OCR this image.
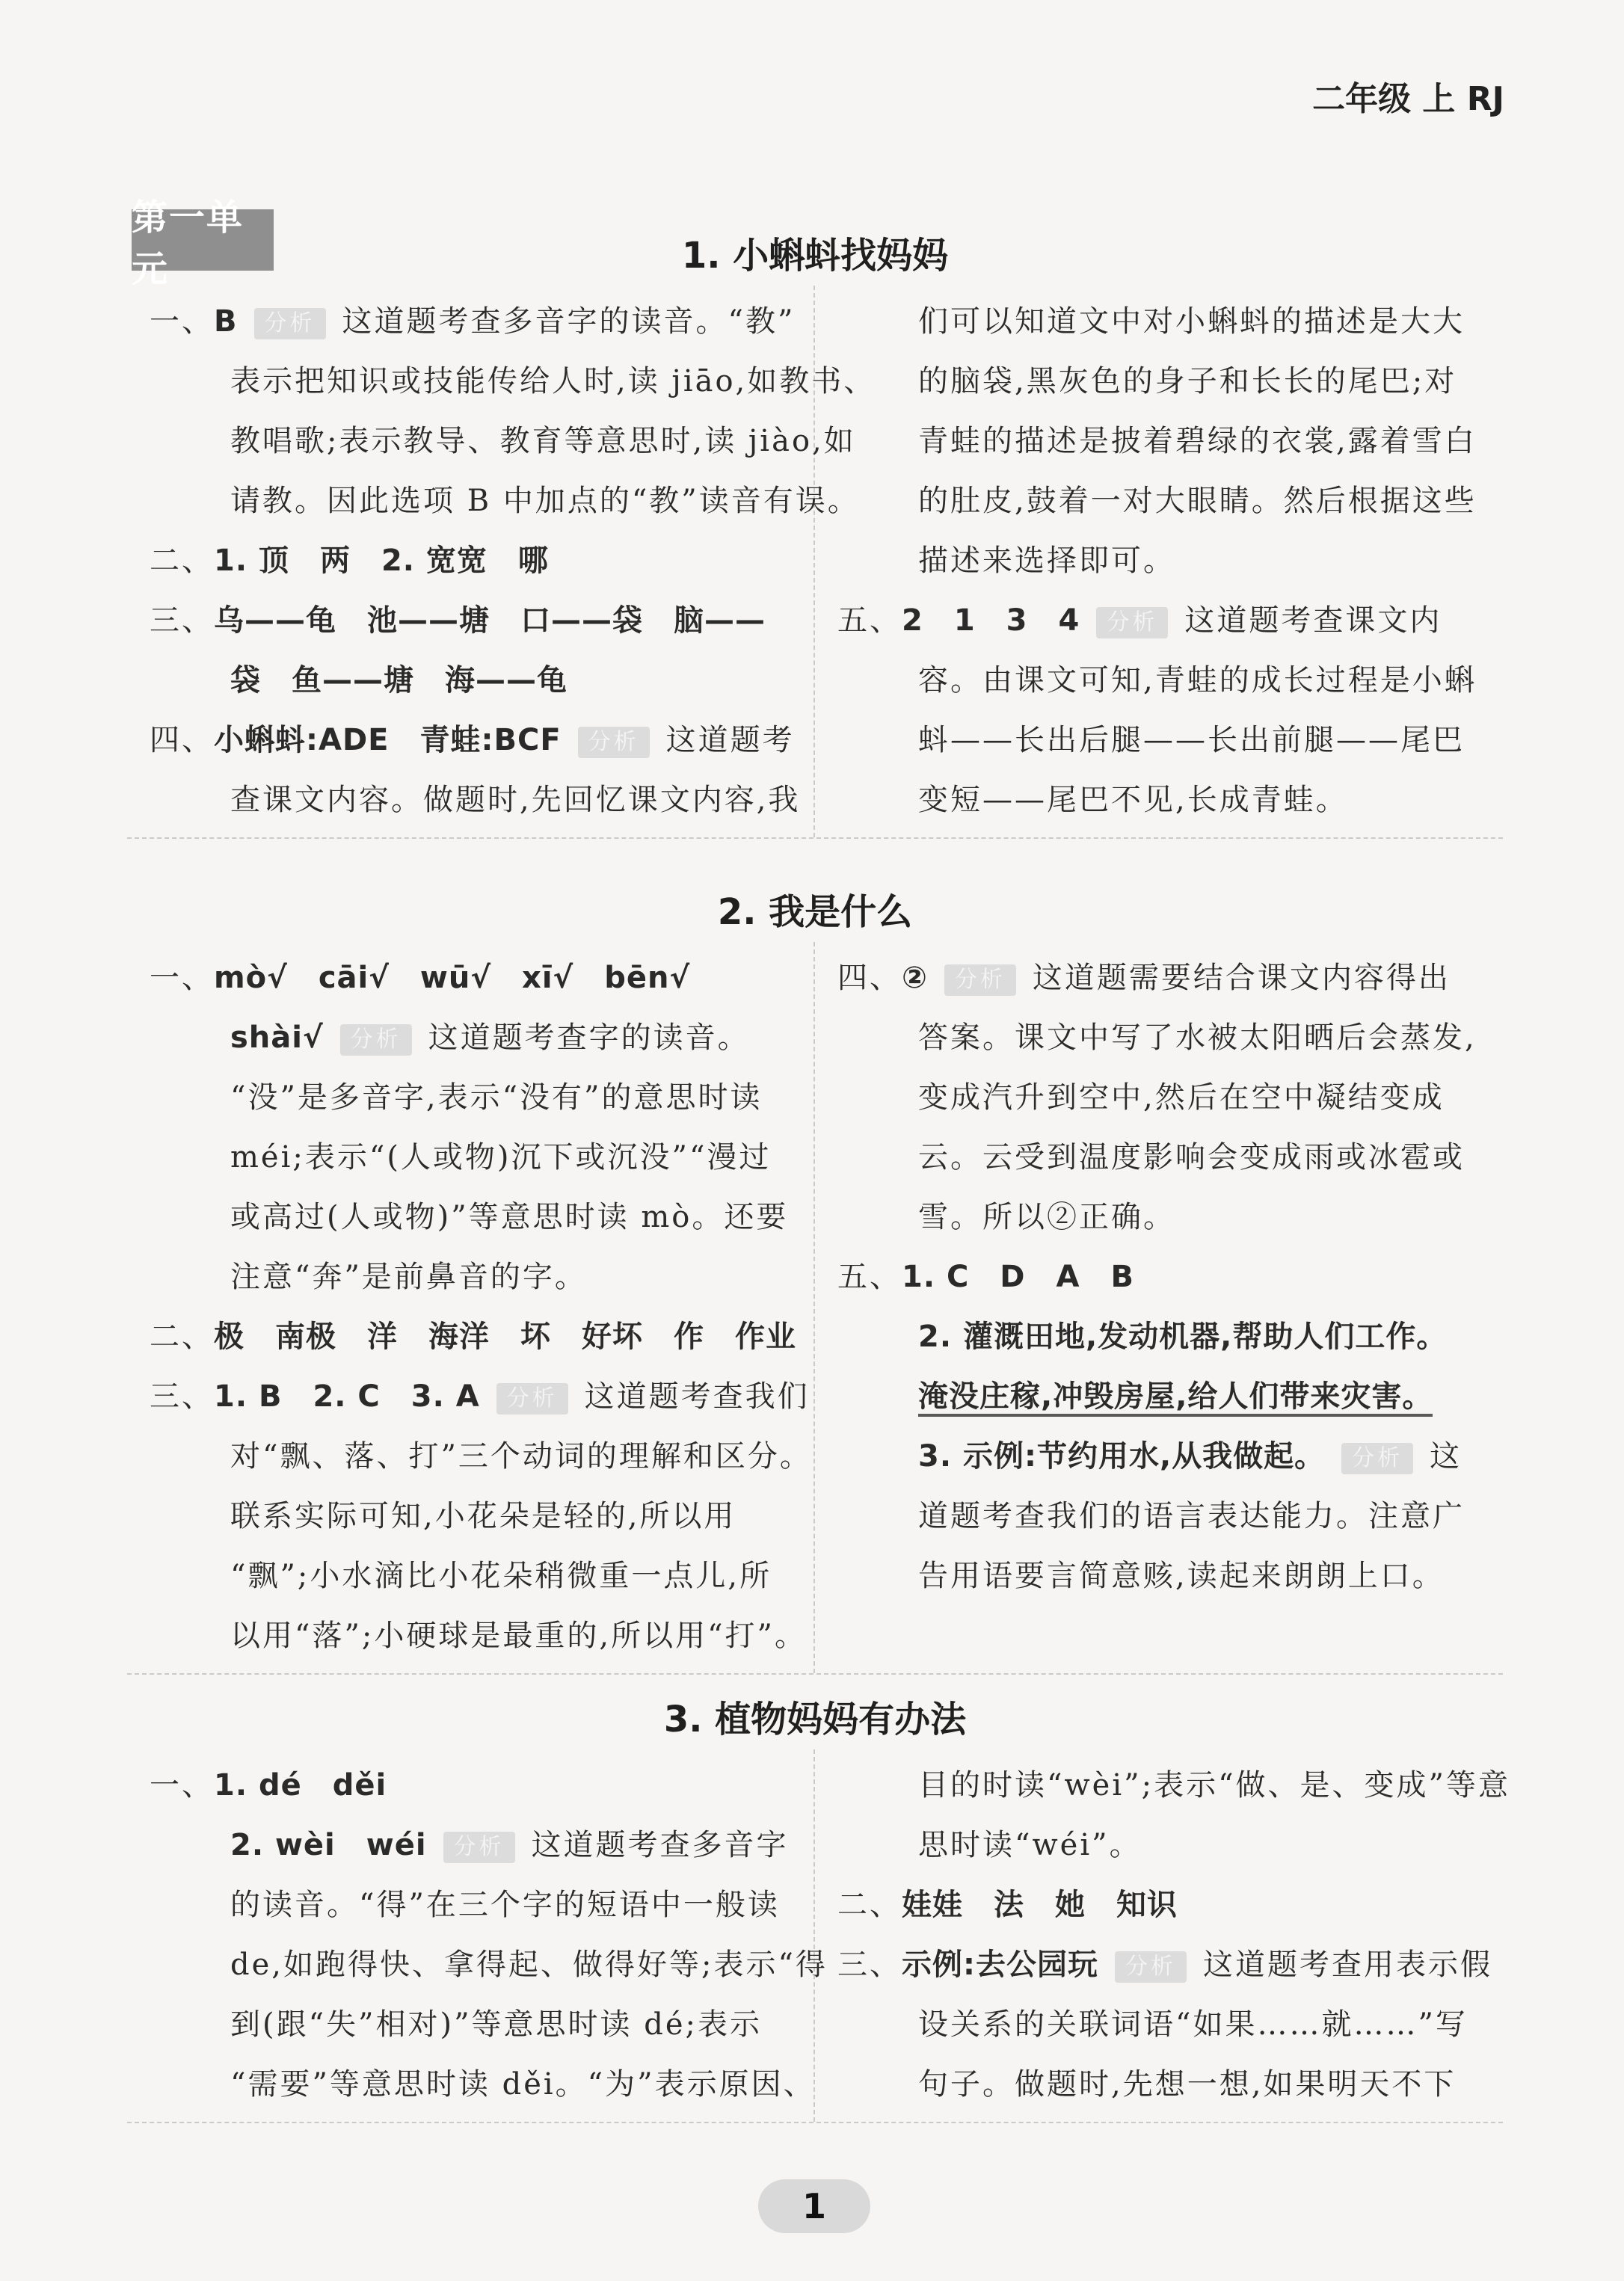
二年级 上 RJ
第一单元	1. 小蝌蚪找妈妈
一、B 分析 这道题考查多音字的读音。“教”
表示把知识或技能传给人时,读 jiāo,如教书、
教唱歌;表示教导、教育等意思时,读 jiào,如
请教。因此选项 B 中加点的“教”读音有误。
二、1. 顶　两　2. 宽宽　哪
三、乌——龟　池——塘　口——袋　脑——
袋　鱼——塘　海——龟
四、小蝌蚪:ADE　青蛙:BCF 分析 这道题考
查课文内容。做题时,先回忆课文内容,我
们可以知道文中对小蝌蚪的描述是大大
的脑袋,黑灰色的身子和长长的尾巴;对
青蛙的描述是披着碧绿的衣裳,露着雪白
的肚皮,鼓着一对大眼睛。然后根据这些
描述来选择即可。
五、2　1　3　4 分析 这道题考查课文内
容。由课文可知,青蛙的成长过程是小蝌
蚪——长出后腿——长出前腿——尾巴
变短——尾巴不见,长成青蛙。
2. 我是什么
一、mò√　cāi√　wū√　xī√　bēn√
shài√ 分析 这道题考查字的读音。
“没”是多音字,表示“没有”的意思时读
méi;表示“(人或物)沉下或沉没”“漫过
或高过(人或物)”等意思时读 mò。还要
注意“奔”是前鼻音的字。
二、极　南极　洋　海洋　坏　好坏　作　作业
三、1. B　2. C　3. A 分析 这道题考查我们
对“飘、落、打”三个动词的理解和区分。
联系实际可知,小花朵是轻的,所以用
“飘”;小水滴比小花朵稍微重一点儿,所
以用“落”;小硬球是最重的,所以用“打”。
四、② 分析 这道题需要结合课文内容得出
答案。课文中写了水被太阳晒后会蒸发,
变成汽升到空中,然后在空中凝结变成
云。云受到温度影响会变成雨或冰雹或
雪。所以②正确。
五、1. C　D　A　B
2. 灌溉田地,发动机器,帮助人们工作。
淹没庄稼,冲毁房屋,给人们带来灾害。
3. 示例:节约用水,从我做起。 分析 这
道题考查我们的语言表达能力。注意广
告用语要言简意赅,读起来朗朗上口。
3. 植物妈妈有办法
一、1. dé　děi
2. wèi　wéi 分析 这道题考查多音字
的读音。“得”在三个字的短语中一般读
de,如跑得快、拿得起、做得好等;表示“得
到(跟“失”相对)”等意思时读 dé;表示
“需要”等意思时读 děi。“为”表示原因、
目的时读“wèi”;表示“做、是、变成”等意
思时读“wéi”。
二、娃娃　法　她　知识
三、示例:去公园玩 分析 这道题考查用表示假
设关系的关联词语“如果……就……”写
句子。做题时,先想一想,如果明天不下
1
